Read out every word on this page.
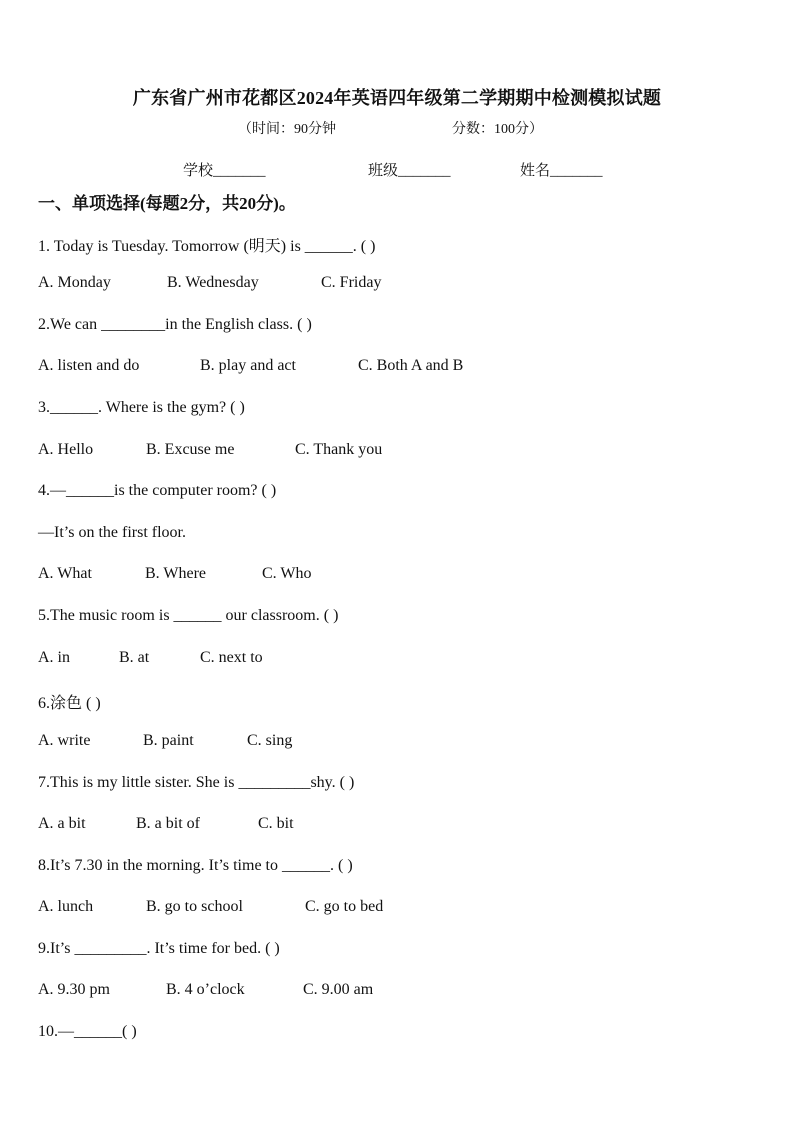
广东省广州市花都区2024年英语四年级第二学期期中检测模拟试题
（时间：90分钟	分数：100分）
学校_______	班级_______	姓名_______
一、单项选择(每题2分，共20分)。
1. Today is Tuesday. Tomorrow (明天) is ______. ( )
A. Monday	B. Wednesday	C. Friday
2.We can ________in the English class. ( )
A. listen and do	B. play and act	C. Both A and B
3.______. Where is the gym? ( )
A. Hello	B. Excuse me	C. Thank you
4.—______is the computer room? ( )
—It’s on the first floor.
A. What	B. Where	C. Who
5.The music room is ______ our classroom. ( )
A. in	B. at	C. next to
6.涂色 ( )
A. write	B. paint	C. sing
7.This is my little sister. She is _________shy. ( )
A. a bit	B. a bit of	C. bit
8.It’s 7.30 in the morning. It’s time to ______. ( )
A. lunch	B. go to school	C. go to bed
9.It’s _________. It’s time for bed. ( )
A. 9.30 pm	B. 4 o’clock	C. 9.00 am
10.—______( )
